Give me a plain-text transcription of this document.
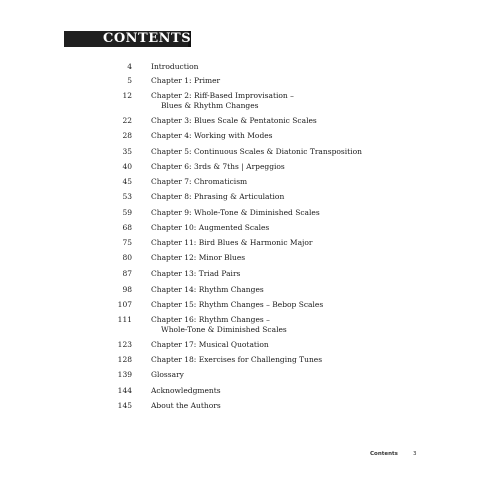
CONTENTS
4	Introduction
5	Chapter 1: Primer
12	Chapter 2: Riff-Based Improvisation –
Blues & Rhythm Changes
22	Chapter 3: Blues Scale & Pentatonic Scales
28	Chapter 4: Working with Modes
35	Chapter 5: Continuous Scales & Diatonic Transposition
40	Chapter 6: 3rds & 7ths | Arpeggios
45	Chapter 7: Chromaticism
53	Chapter 8: Phrasing & Articulation
59	Chapter 9: Whole-Tone & Diminished Scales
68	Chapter 10: Augmented Scales
75	Chapter 11: Bird Blues & Harmonic Major
80	Chapter 12: Minor Blues
87	Chapter 13: Triad Pairs
98	Chapter 14: Rhythm Changes
107	Chapter 15: Rhythm Changes – Bebop Scales
111	Chapter 16: Rhythm Changes –
Whole-Tone & Diminished Scales
123	Chapter 17: Musical Quotation
128	Chapter 18: Exercises for Challenging Tunes
139	Glossary
144	Acknowledgments
145	About the Authors
Contents	3
